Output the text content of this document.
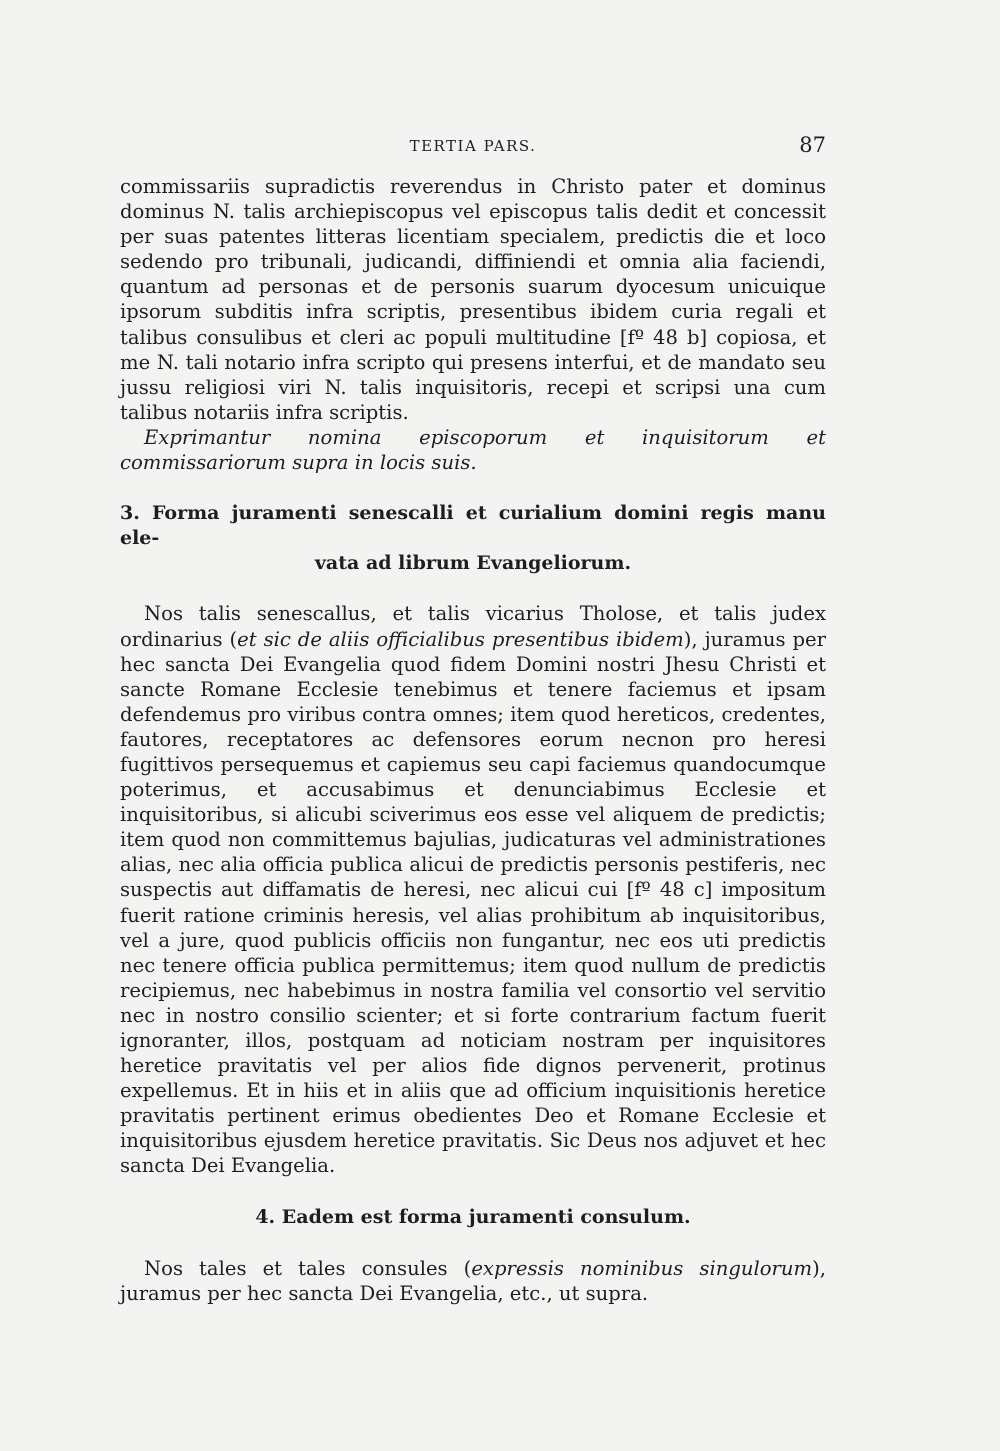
TERTIA PARS.	87

commissariis supradictis reverendus in Christo pater et dominus dominus N. talis archiepiscopus vel episcopus talis dedit et concessit per suas patentes litteras licentiam specialem, predictis die et loco sedendo pro tribunali, judicandi, diffiniendi et omnia alia faciendi, quantum ad personas et de personis suarum dyocesum unicuique ipsorum subditis infra scriptis, presentibus ibidem curia regali et talibus consulibus et cleri ac populi multitudine [fº 48 b] copiosa, et me N. tali notario infra scripto qui presens interfui, et de mandato seu jussu religiosi viri N. talis inquisitoris, recepi et scripsi una cum talibus notariis infra scriptis.

Exprimantur nomina episcoporum et inquisitorum et commissariorum supra in locis suis.

3. Forma juramenti senescalli et curialium domini regis manu ele-
vata ad librum Evangeliorum.

Nos talis senescallus, et talis vicarius Tholose, et talis judex ordinarius (et sic de aliis officialibus presentibus ibidem), juramus per hec sancta Dei Evangelia quod fidem Domini nostri Jhesu Christi et sancte Romane Ecclesie tenebimus et tenere faciemus et ipsam defendemus pro viribus contra omnes; item quod hereticos, credentes, fautores, receptatores ac defensores eorum necnon pro heresi fugittivos persequemus et capiemus seu capi faciemus quandocumque poterimus, et accusabimus et denunciabimus Ecclesie et inquisitoribus, si alicubi sciverimus eos esse vel aliquem de predictis; item quod non committemus bajulias, judicaturas vel administrationes alias, nec alia officia publica alicui de predictis personis pestiferis, nec suspectis aut diffamatis de heresi, nec alicui cui [fº 48 c] impositum fuerit ratione criminis heresis, vel alias prohibitum ab inquisitoribus, vel a jure, quod publicis officiis non fungantur, nec eos uti predictis nec tenere officia publica permittemus; item quod nullum de predictis recipiemus, nec habebimus in nostra familia vel consortio vel servitio nec in nostro consilio scienter; et si forte contrarium factum fuerit ignoranter, illos, postquam ad noticiam nostram per inquisitores heretice pravitatis vel per alios fide dignos pervenerit, protinus expellemus. Et in hiis et in aliis que ad officium inquisitionis heretice pravitatis pertinent erimus obedientes Deo et Romane Ecclesie et inquisitoribus ejusdem heretice pravitatis. Sic Deus nos adjuvet et hec sancta Dei Evangelia.

4. Eadem est forma juramenti consulum.

Nos tales et tales consules (expressis nominibus singulorum), juramus per hec sancta Dei Evangelia, etc., ut supra.
